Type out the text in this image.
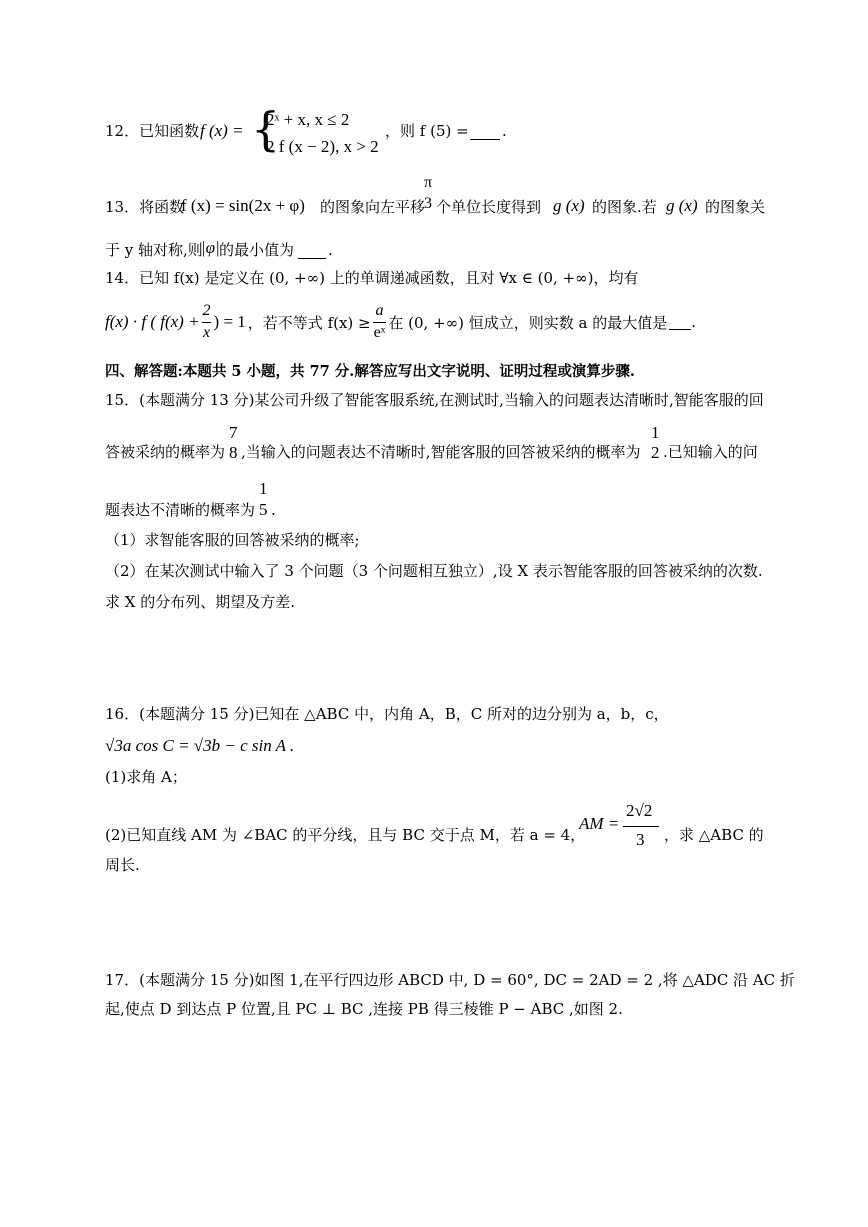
12．已知函数 f (x) = {
2ˣ + x, x ≤ 2
2 f (x − 2), x > 2
，则 f (5) = .
13．将函数
f (x) = sin(2x + φ) 的图象向左平移
π
3 个单位长度得到 g (x) 的图象.若 g (x) 的图象关
于 y 轴对称,则
|φ| 的最小值为 .
14．已知 f(x) 是定义在 (0, +∞) 上的单调递减函数，且对 ∀x ∈ (0, +∞)，均有
f(x) · f ( $f(x) + \frac{2}{x}$ ) = 1 ，若不等式 $f(x) \ge \frac{a}{\text{eˣ}}$ 在 (0, +∞) 恒成立，则实数 a 的最大值是 .
四、解答题:本题共 5 小题，共 77 分.解答应写出文字说明、证明过程或演算步骤.
15．(本题满分 13 分)某公司升级了智能客服系统,在测试时,当输入的问题表达清晰时,智能客服的回
答被采纳的概率为
7
8 ,当输入的问题表达不清晰时,智能客服的回答被采纳的概率为
1
2 .已知输入的问
题表达不清晰的概率为
1
5 .
（1）求智能客服的回答被采纳的概率;
（2）在某次测试中输入了 3 个问题（3 个问题相互独立）,设 X 表示智能客服的回答被采纳的次数.
求 X 的分布列、期望及方差.
16．(本题满分 15 分)已知在 △ABC 中，内角 A，B，C 所对的边分别为 a，b，c，
√3a cos C = √3b − c sin A .
(1)求角 A；
(2)已知直线 AM 为 ∠BAC 的平分线，且与 BC 交于点 M，若 a = 4，
AM =
2√2
3 ，求 △ABC 的
周长.
17．(本题满分 15 分)如图 1,在平行四边形 ABCD 中, D = 60°, DC = 2AD = 2 ,将 △ADC 沿 AC 折
起,使点 D 到达点 P 位置,且 PC ⊥ BC ,连接 PB 得三棱锥 P − ABC ,如图 2.
